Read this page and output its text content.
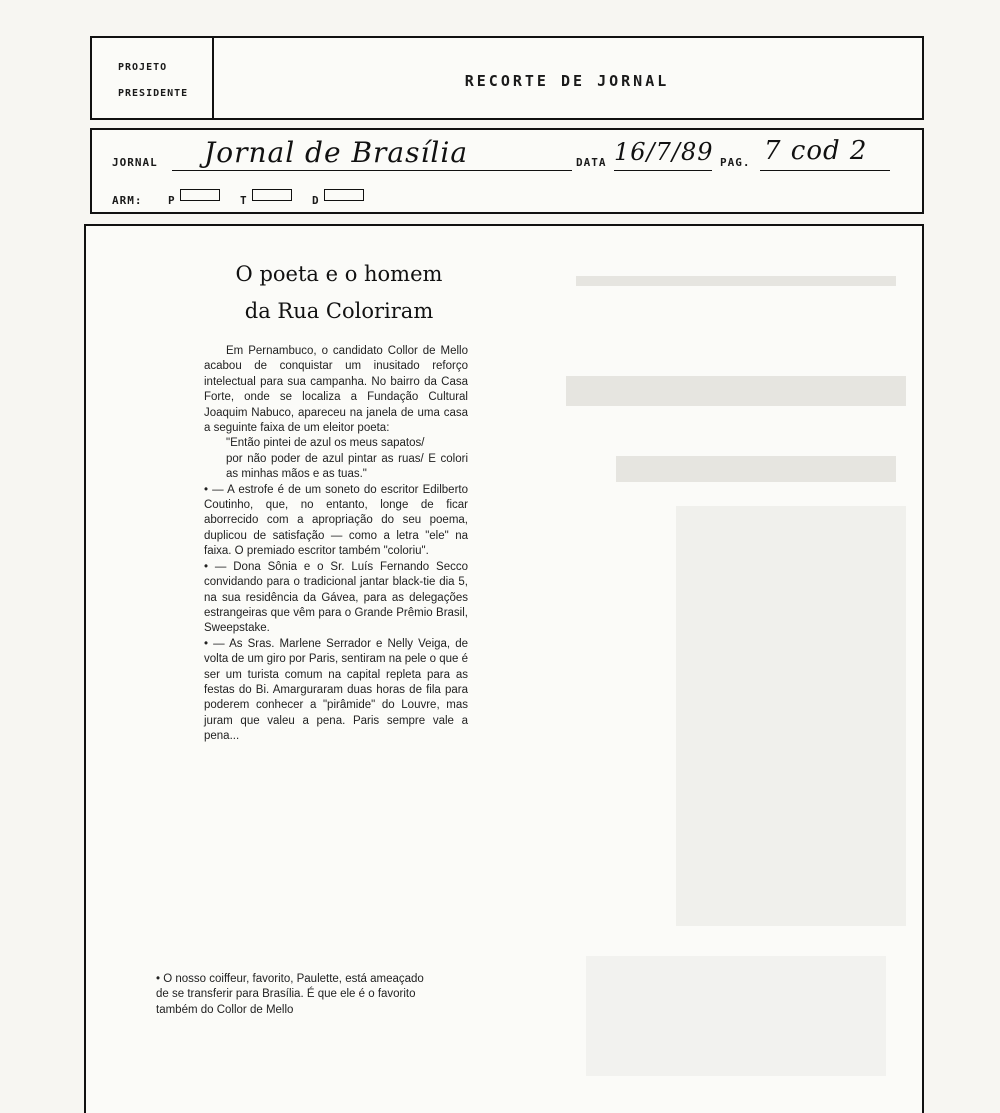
PROJETO
PRESIDENTE
RECORTE DE JORNAL
JORNAL Jornal de Brasília	DATA 16/7/89 PAG. 7 cod 2
ARM: P	T	D
O poeta e o homem
da Rua Coloriram

Em Pernambuco, o candidato Collor de Mello acabou de conquistar um inusitado reforço intelectual para sua campanha. No bairro da Casa Forte, onde se localiza a Fundação Cultural Joaquim Nabuco, apareceu na janela de uma casa a seguinte faixa de um eleitor poeta:

"Então pintei de azul os meus sapatos/

por não poder de azul pintar as ruas/ E colori as minhas mãos e as tuas."

• — A estrofe é de um soneto do escritor Edilberto Coutinho, que, no entanto, longe de ficar aborrecido com a apropriação do seu poema, duplicou de satisfação — como a letra "ele" na faixa. O premiado escritor também "coloriu".

• — Dona Sônia e o Sr. Luís Fernando Secco convidando para o tradicional jantar black-tie dia 5, na sua residência da Gávea, para as delegações estrangeiras que vêm para o Grande Prêmio Brasil, Sweepstake.

• — As Sras. Marlene Serrador e Nelly Veiga, de volta de um giro por Paris, sentiram na pele o que é ser um turista comum na capital repleta para as festas do Bi. Amarguraram duas horas de fila para poderem conhecer a "pirâmide" do Louvre, mas juram que valeu a pena. Paris sempre vale a pena...

• O nosso coiffeur, favorito, Paulette, está ameaçado de se transferir para Brasília. É que ele é o favorito também do Collor de Mello
